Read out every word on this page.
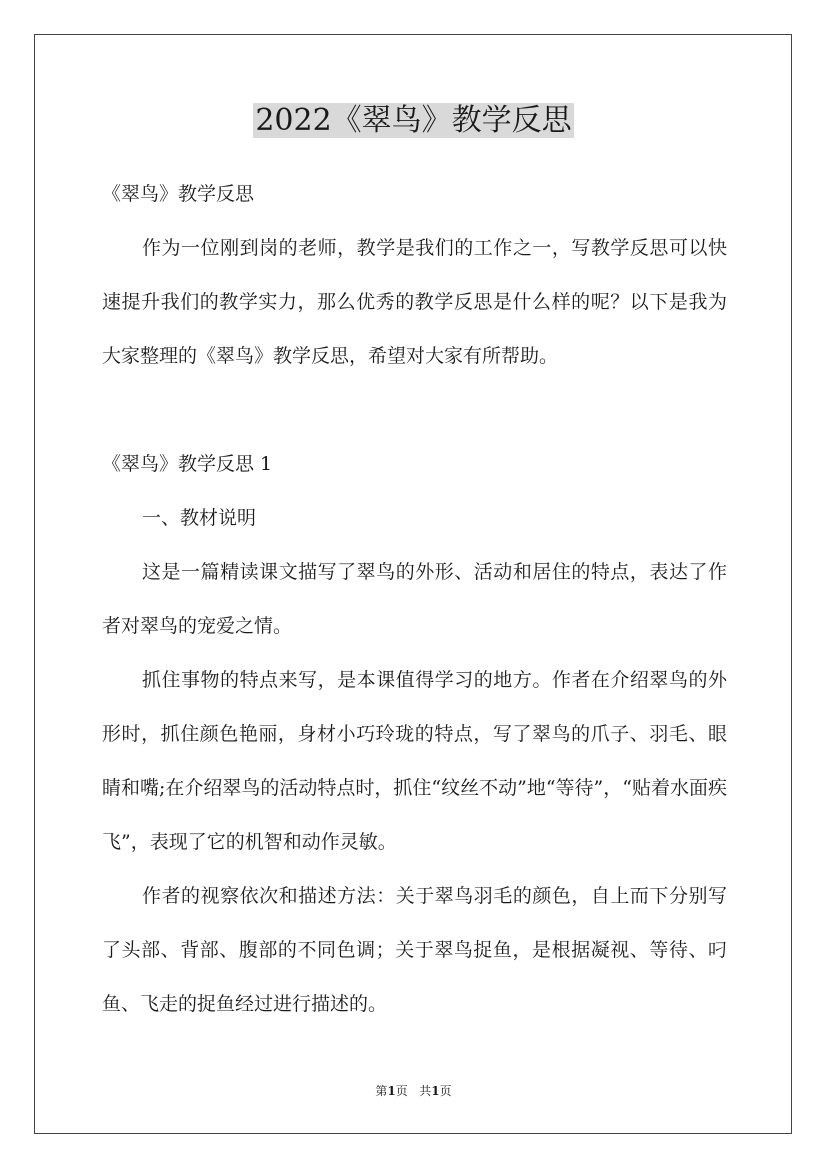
2022《翠鸟》教学反思

《翠鸟》教学反思

作为一位刚到岗的老师，教学是我们的工作之一，写教学反思可以快速提升我们的教学实力，那么优秀的教学反思是什么样的呢？以下是我为大家整理的《翠鸟》教学反思，希望对大家有所帮助。

《翠鸟》教学反思 1

一、教材说明

这是一篇精读课文描写了翠鸟的外形、活动和居住的特点，表达了作者对翠鸟的宠爱之情。

抓住事物的特点来写，是本课值得学习的地方。作者在介绍翠鸟的外形时，抓住颜色艳丽，身材小巧玲珑的特点，写了翠鸟的爪子、羽毛、眼睛和嘴;在介绍翠鸟的活动特点时，抓住“纹丝不动”地“等待”，“贴着水面疾飞”，表现了它的机智和动作灵敏。

作者的视察依次和描述方法：关于翠鸟羽毛的颜色，自上而下分别写了头部、背部、腹部的不同色调；关于翠鸟捉鱼，是根据凝视、等待、叼鱼、飞走的捉鱼经过进行描述的。

第1页 共1页
